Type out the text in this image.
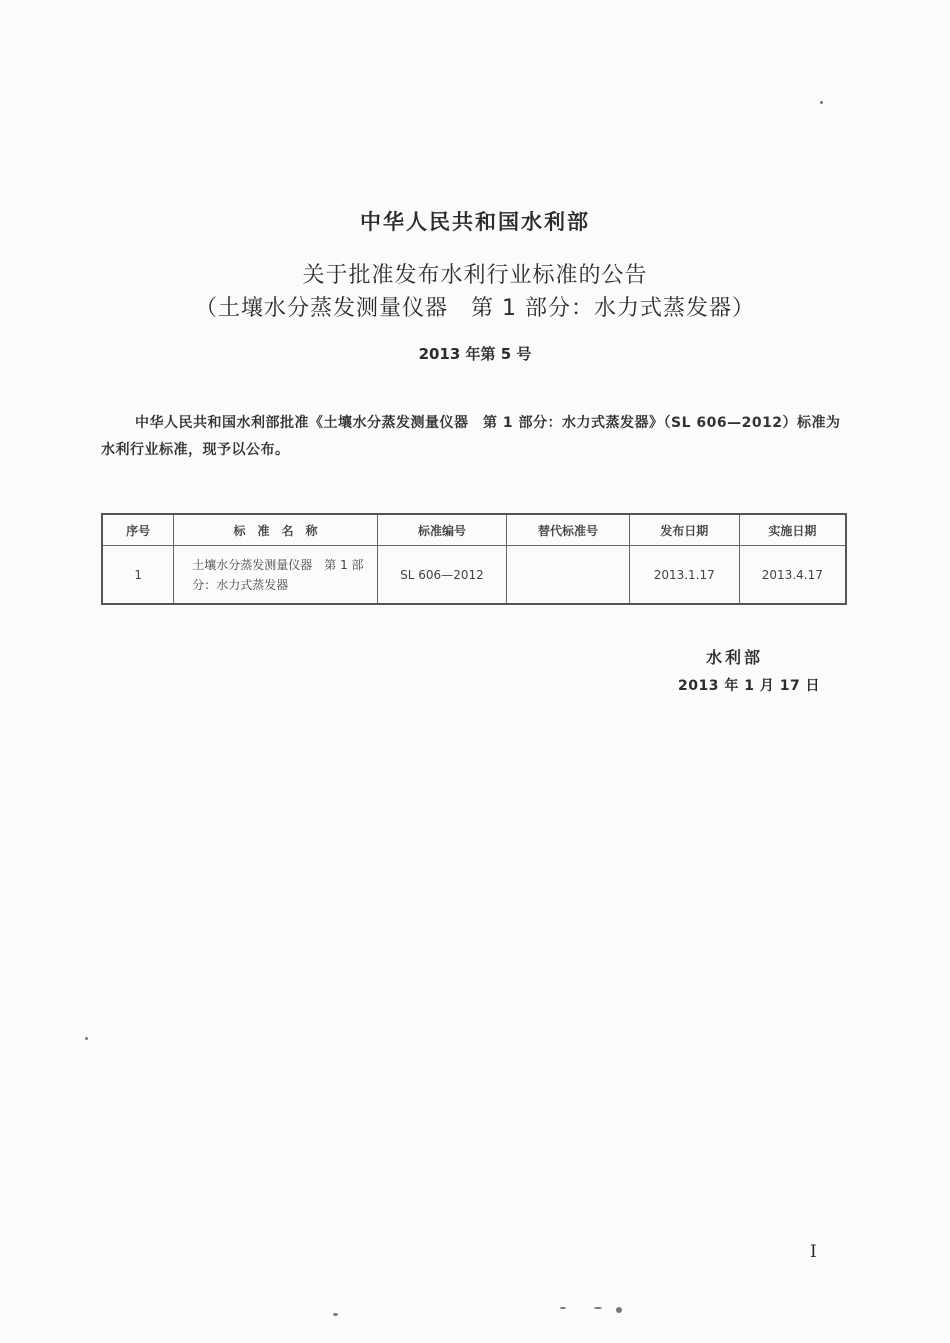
中华人民共和国水利部
关于批准发布水利行业标准的公告
（土壤水分蒸发测量仪器　第 1 部分：水力式蒸发器）
2013 年第 5 号
中华人民共和国水利部批准《土壤水分蒸发测量仪器　第 1 部分：水力式蒸发器》（SL 606—2012）标准为水利行业标准，现予以公布。
序号	标　准　名　称	标准编号	替代标准号	发布日期	实施日期
1	土壤水分蒸发测量仪器　第 1 部分：水力式蒸发器	SL 606—2012		2013.1.17	2013.4.17
水利部
2013 年 1 月 17 日
I
